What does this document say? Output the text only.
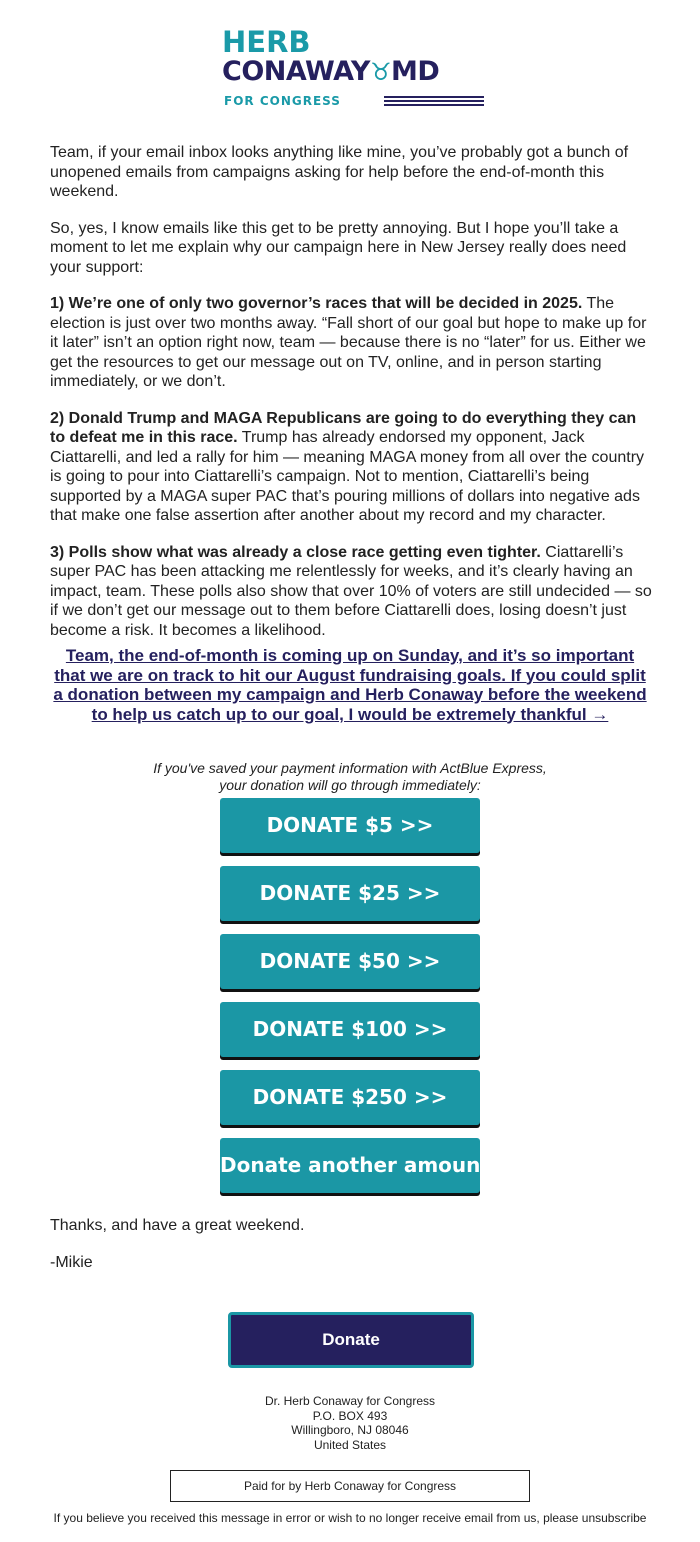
HERB
CONAWAY♉︎MD
FOR CONGRESS

Team, if your email inbox looks anything like mine, you’ve probably got a bunch of unopened emails from campaigns asking for help before the end-of-month this weekend.

So, yes, I know emails like this get to be pretty annoying. But I hope you’ll take a moment to let me explain why our campaign here in New Jersey really does need your support:

1) We’re one of only two governor’s races that will be decided in 2025. The election is just over two months away. “Fall short of our goal but hope to make up for it later” isn’t an option right now, team — because there is no “later” for us. Either we get the resources to get our message out on TV, online, and in person starting immediately, or we don’t.

2) Donald Trump and MAGA Republicans are going to do everything they can to defeat me in this race. Trump has already endorsed my opponent, Jack Ciattarelli, and led a rally for him — meaning MAGA money from all over the country is going to pour into Ciattarelli’s campaign. Not to mention, Ciattarelli’s being supported by a MAGA super PAC that’s pouring millions of dollars into negative ads that make one false assertion after another about my record and my character.

3) Polls show what was already a close race getting even tighter. Ciattarelli’s super PAC has been attacking me relentlessly for weeks, and it’s clearly having an impact, team. These polls also show that over 10% of voters are still undecided — so if we don’t get our message out to them before Ciattarelli does, losing doesn’t just become a risk. It becomes a likelihood.

Team, the end-of-month is coming up on Sunday, and it’s so important that we are on track to hit our August fundraising goals. If you could split a donation between my campaign and Herb Conaway before the weekend to help us catch up to our goal, I would be extremely thankful →
If you've saved your payment information with ActBlue Express,
your donation will go through immediately:
DONATE $5 >>
DONATE $25 >>
DONATE $50 >>
DONATE $100 >>
DONATE $250 >>
Donate another amount
Thanks, and have a great weekend.
-Mikie
Donate
Dr. Herb Conaway for Congress
P.O. BOX 493
Willingboro, NJ 08046
United States
Paid for by Herb Conaway for Congress
If you believe you received this message in error or wish to no longer receive email from us, please unsubscribe
